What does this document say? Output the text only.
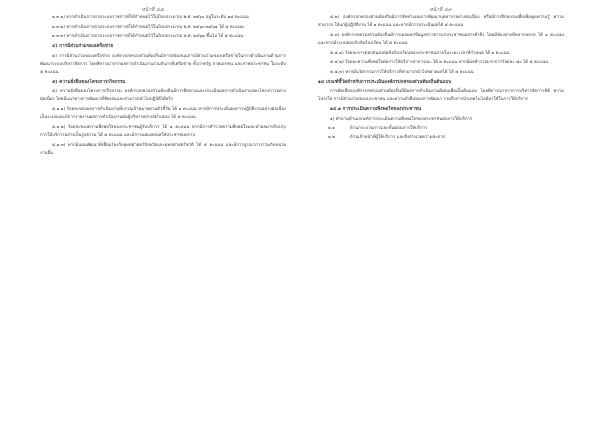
หน้าที่ ๔๘
๑.๓.๑) หากดำเนินการตามระบบราชการที่ได้กำหนดไว้ในปีงบประมาณ พ.ศ. ๒๕๖๐ อยู่ในระดับ ๑๘ คะแนน
๑.๓.๒) หากดำเนินการตามระบบราชการที่ได้กำหนดไว้ในปีงบประมาณ พ.ศ. ๒๕๖๐-๒๕๖๑ ได้ ๔ คะแนน
๑.๓.๓) หากดำเนินการตามระบบราชการที่ได้กำหนดไว้ในปีงบประมาณ พ.ศ. ๒๕๖๑ ขึ้นไป ได้ ๕ คะแนน
๔) การมีส่วนร่วมของเครือข่าย
๔) การมีส่วนร่วมของเครือข่าย องค์กรปกครองส่วนท้องถิ่นมีการสนับสนุนการมีส่วนร่วมของเครือข่ายในการดำเนินงานด้านการพัฒนาระบบบริหารจัดการ โดยพิจารณาจากผลการดำเนินงานร่วมกับภาคีเครือข่าย ทั้งภาครัฐ ภาคเอกชน และภาคประชาชน ในระดับ ๕ คะแนน
๕) ความยั่งยืนของโครงการ/กิจกรรม
๕) ความยั่งยืนของโครงการ/กิจกรรม องค์กรปกครองส่วนท้องถิ่นมีการติดตามและประเมินผลการดำเนินงานของโครงการอย่างต่อเนื่อง โดยมีแนวทางการพัฒนาที่ชัดเจนและสามารถนำไปปฏิบัติได้จริง
๕.๑.๑) ร้อยละของผลการดำเนินงานที่บรรลุเป้าหมายตามตัวชี้วัด ได้ ๑ คะแนน หากมีการประเมินผลการปฏิบัติงานอย่างต่อเนื่องเป็นระบบและมีการรายงานผลการดำเนินงานต่อผู้บริหารอย่างสม่ำเสมอ ได้ ๕ คะแนน
๕.๑.๒) ร้อยละของความพึงพอใจของประชาชนผู้รับบริการ ได้ ๑ คะแนน หากมีการสำรวจความพึงพอใจและนำผลมาปรับปรุงการให้บริการอย่างเป็นรูปธรรม ได้ ๕ คะแนน และมีการเผยแพร่ผลให้ประชาชนทราบ
๕.๑.๓) หากมีแผนพัฒนาที่เชื่อมโยงกับยุทธศาสตร์จังหวัดและยุทธศาสตร์ชาติ ได้ ๕ คะแนน และมีการบูรณาการร่วมกับหน่วยงานอื่น
หน้าที่ ๔๙
๕.๒) องค์กรปกครองส่วนท้องถิ่นมีการจัดทำแผนการพัฒนาบุคลากรอย่างต่อเนื่อง หรือมีการฝึกอบรมเพื่อเพิ่มพูนความรู้ ความสามารถ ให้แก่ผู้ปฏิบัติงาน ได้ ๑ คะแนน และหากมีการประเมินผลได้ ๕ คะแนน
๕.๓) องค์กรปกครองส่วนท้องถิ่นมีการเผยแพร่ข้อมูลข่าวสารแก่ประชาชนอย่างทั่วถึง โดยมีช่องทางที่หลากหลาย ได้ ๑ คะแนน และหากมีระบบตอบรับข้อร้องเรียน ได้ ๕ คะแนน
๕.๔.๑) ร้อยละการตอบสนองต่อข้อร้องเรียนของประชาชนภายในระยะเวลาที่กำหนด ได้ ๑ คะแนน
๕.๔.๒) ร้อยละความพึงพอใจต่อการให้บริการสาธารณะ ได้ ๓ คะแนน หากมีผลสำรวจมากกว่าร้อยละ ๘๐ ได้ ๕ คะแนน
๕.๔.๓) หากมีนวัตกรรมการให้บริการที่สามารถนำไปขยายผลได้ ได้ ๕ คะแนน
๑๔ เกณฑ์ชี้วัดสำหรับการประเมินองค์กรปกครองส่วนท้องถิ่นต้นแบบ
การคัดเลือกองค์กรปกครองส่วนท้องถิ่นที่มีผลการดำเนินงานดีเด่นเพื่อเป็นต้นแบบ โดยพิจารณาจากการบริหารจัดการที่ดี ความโปร่งใส การมีส่วนร่วมของประชาชน และความยั่งยืนของการพัฒนา รวมถึงการนำเทคโนโลยีมาใช้ในการให้บริการ
๑๔.๑ การประเมินความพึงพอใจของประชาชน
๑) คำถามด้านเกณฑ์การประเมินความพึงพอใจของประชาชนต่อการให้บริการ
๑.๑	ด้านกระบวนการและขั้นตอนการให้บริการ
๑.๒	ด้านเจ้าหน้าที่ผู้ให้บริการ และสิ่งอำนวยความสะดวก
